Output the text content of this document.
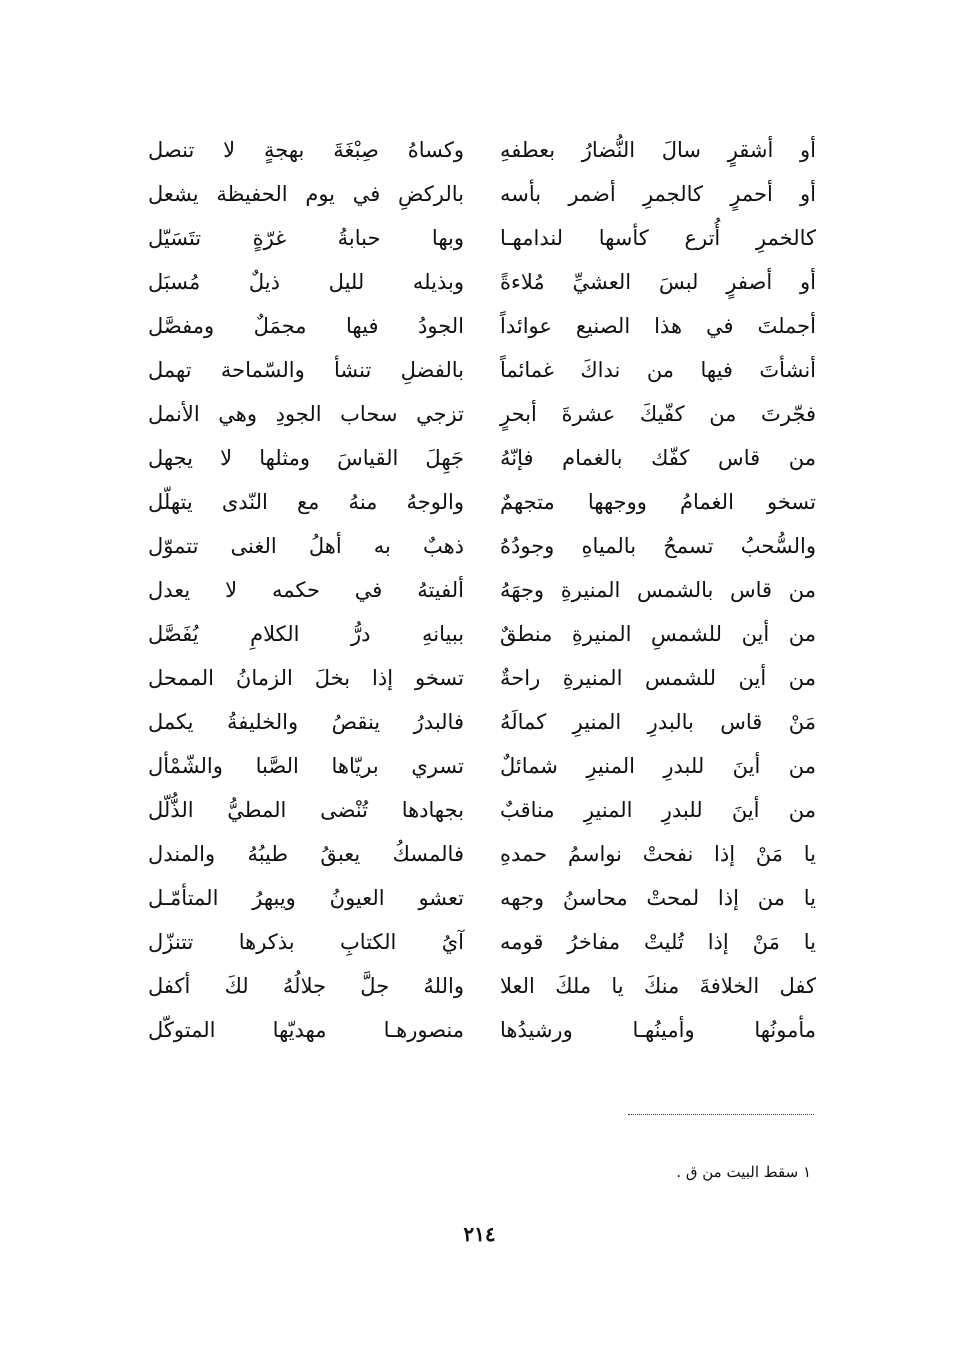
أو أشقرٍ سالَ النُّضارُ بعطفهِ
وكساهُ صِبْغَةَ بهجةٍ لا تنصل
أو أحمرٍ كالجمرِ أضمر بأسه
بالركضِ في يوم الحفيظة يشعل
كالخمرِ أُترع كأسها لندامهـا
وبها حبابةُ غرّةٍ تتَسَيّل
أو أصفرٍ لبسَ العشيِّ مُلاءةً
وبذيله لليل ذيلٌ مُسبَل
أجملتَ في هذا الصنيع عوائداً
الجودُ فيها مجمَلٌ ومفصَّل
أنشأتَ فيها من نداكَ غمائماً
بالفضلِ تنشأ والسّماحة تهمل
فجّرتَ من كفّيكَ عشرةَ أبحرٍ
تزجي سحاب الجودِ وهي الأنمل
من قاس كفّك بالغمام فإنّهُ
جَهِلَ القياسَ ومثلها لا يجهل
تسخو الغمامُ ووجهها متجهمٌ
والوجهُ منهُ مع النّدى يتهلّل
والسُّحبُ تسمحُ بالمياهِ وجودُهُ
ذهبٌ به أهلُ الغنى تتموّل
من قاس بالشمس المنيرةِ وجهَهُ
ألفيتهُ في حكمه لا يعدل
من أين للشمسِ المنيرةِ منطقٌ
ببيانهِ درُّ الكلامِ يُفَصَّل
من أين للشمس المنيرةِ راحةٌ
تسخو إذا بخلَ الزمانُ الممحل
مَنْ قاس بالبدرِ المنيرِ كمالَهُ
فالبدرُ ينقصُ والخليفةُ يكمل
من أينَ للبدرِ المنيرِ شمائلٌ
تسري بريّاها الصَّبا والشّمْأل
من أينَ للبدرِ المنيرِ مناقبٌ
بجهادها تُنْضى المطيُّ الذُّلّل
يا مَنْ إذا نفحتْ نواسمُ حمدهِ
فالمسكُ يعبقُ طيبُهُ والمندل
يا من إذا لمحتْ محاسنُ وجهه
تعشو العيونُ ويبهرُ المتأمّـل
يا مَنْ إذا تُليتْ مفاخرُ قومه
آيُ الكتابِ بذكرها تتنزّل
كفل الخلافةَ منكَ يا ملكَ العلا
واللهُ جلَّ جلالُهُ لكَ أكفل
مأمونُها وأمينُهـا ورشيدُها
منصورهـا مهديّها المتوكّل
١ سقط البيت من ق .
٢١٤
